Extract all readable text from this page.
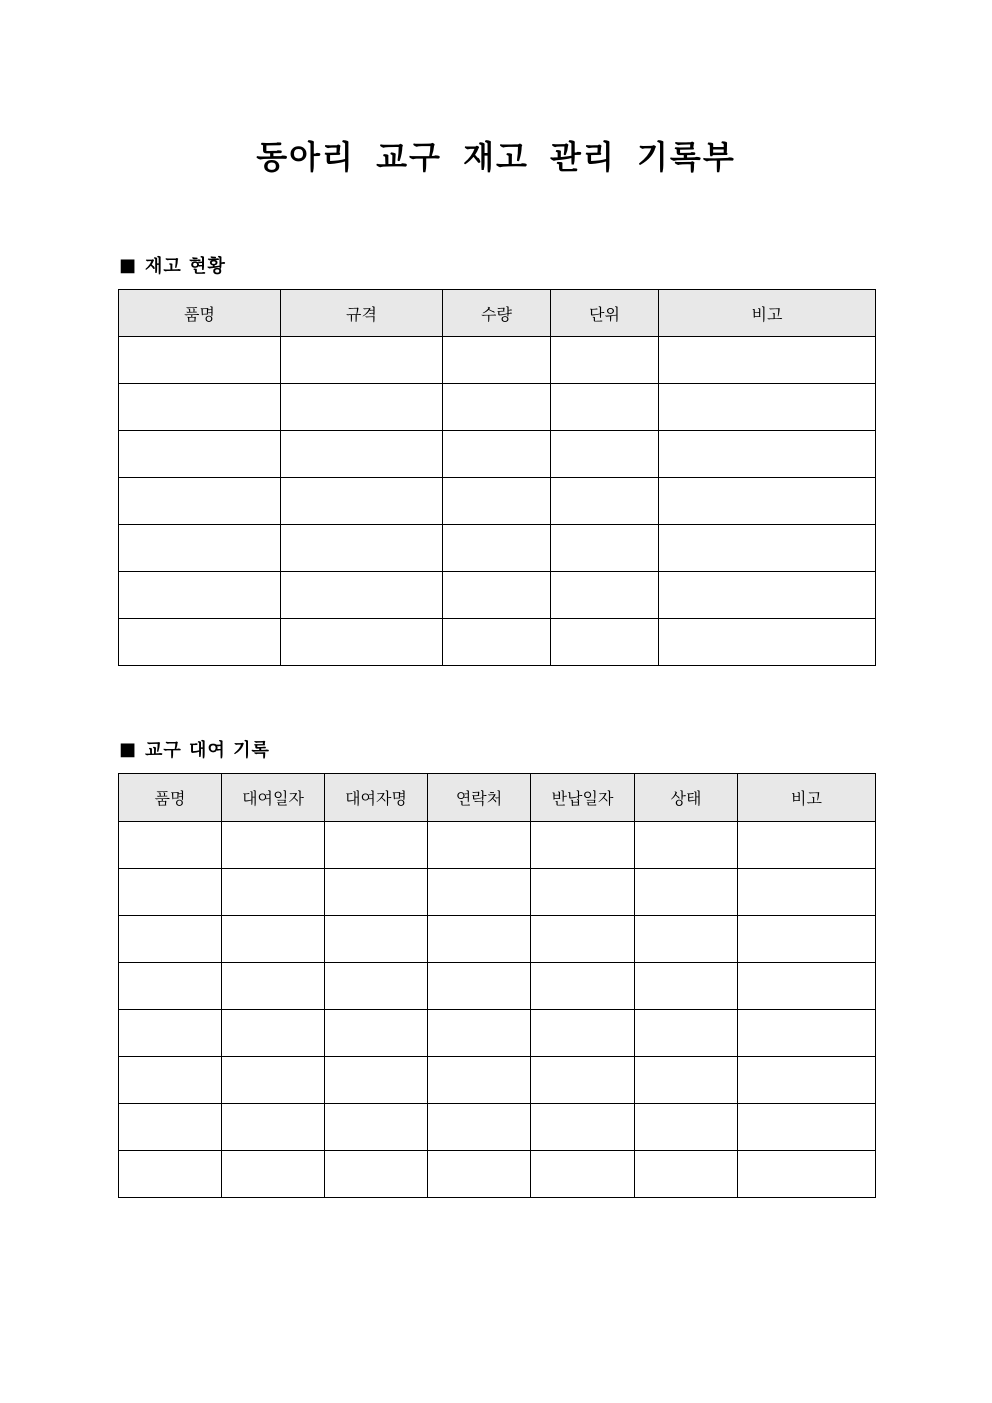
동아리 교구 재고 관리 기록부
■ 재고 현황
품명	규격	수량	단위	비고

■ 교구 대여 기록
품명	대여일자	대여자명	연락처	반납일자	상태	비고
